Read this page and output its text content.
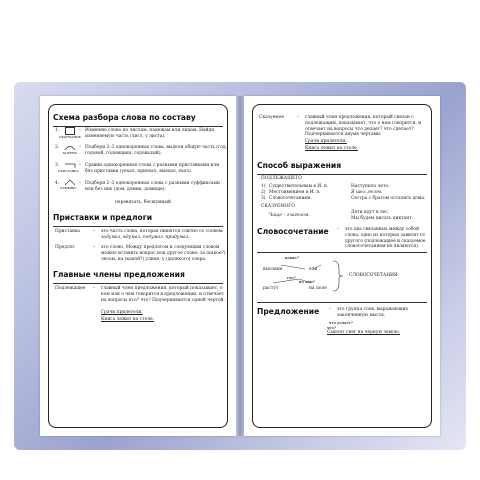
Схема разбора слова по составу

1.
ОКОНЧАНИЕ
– Изменяю слово по числам, падежам или лицам. Найди изменяемую часть (лист, у листа).
2.
КОРЕНЬ
– Подбери 2–3 однокоренных слова, выдели общую часть (год, годовой, годовщина, годовалый).
3.
ПРИСТАВКА
– Сравни однокоренные слова с разными приставками или без приставки (уехал, приехал, выехал, ехал).
4.
СУФФИКС
– Подбери 2–3 однокоренных слова с разными суффиксами или без них (дом, домик, домище).
перевязать, бесшумный

Приставки и предлоги

Приставка	– это часть слова, которая пишется слитно со словом:
задумал, вдумал, подумал, придумал.
Предлог	– это слово. Между предлогом и следующим словом можно вставить вопрос или другое слово: за (какое?) лесом, на (какой?) улице, у (далекого) озера.

Главные члены предложения

Подлежащее – главный член предложения, который показывает, о ком или о чем говорится в предложении, и отвечает на вопросы кто? что? Подчеркивается одной чертой.
Грачи прилетели.
Книга лежит на столе.
Сказуемое	– главный член предложения, который связан с подлежащим, показывает, что о нем говорится, и отвечает на вопросы что делает? что сделает? Подчеркивается двумя чертами.
Грачи прилетели.
Книга лежит на столе.

Способ выражения

ПОДЛЕЖАЩЕГО
1) Существительным в И. п.	Наступило лето.
2) Местоимением в И. п.	Я шел лесом.
3) Словосочетанием.	Сестра с братом остались дома.
СКАЗУЕМОГО
Чаще – глаголом.
Дети идут в лес.
Мы будем писать диктант.

Словосочетание – это два связанных между собой слова, одно из которых зависит от другого (подлежащее и сказуемое словосочетанием не являются).
какие?
высокие	ели
где?
на чём?
растут	на поле
СЛОВОСОЧЕТАНИЯ

Предложение – это группа слов, выражающих законченную мысль.
что делает?
что?
Сыплет снег на черную землю.
